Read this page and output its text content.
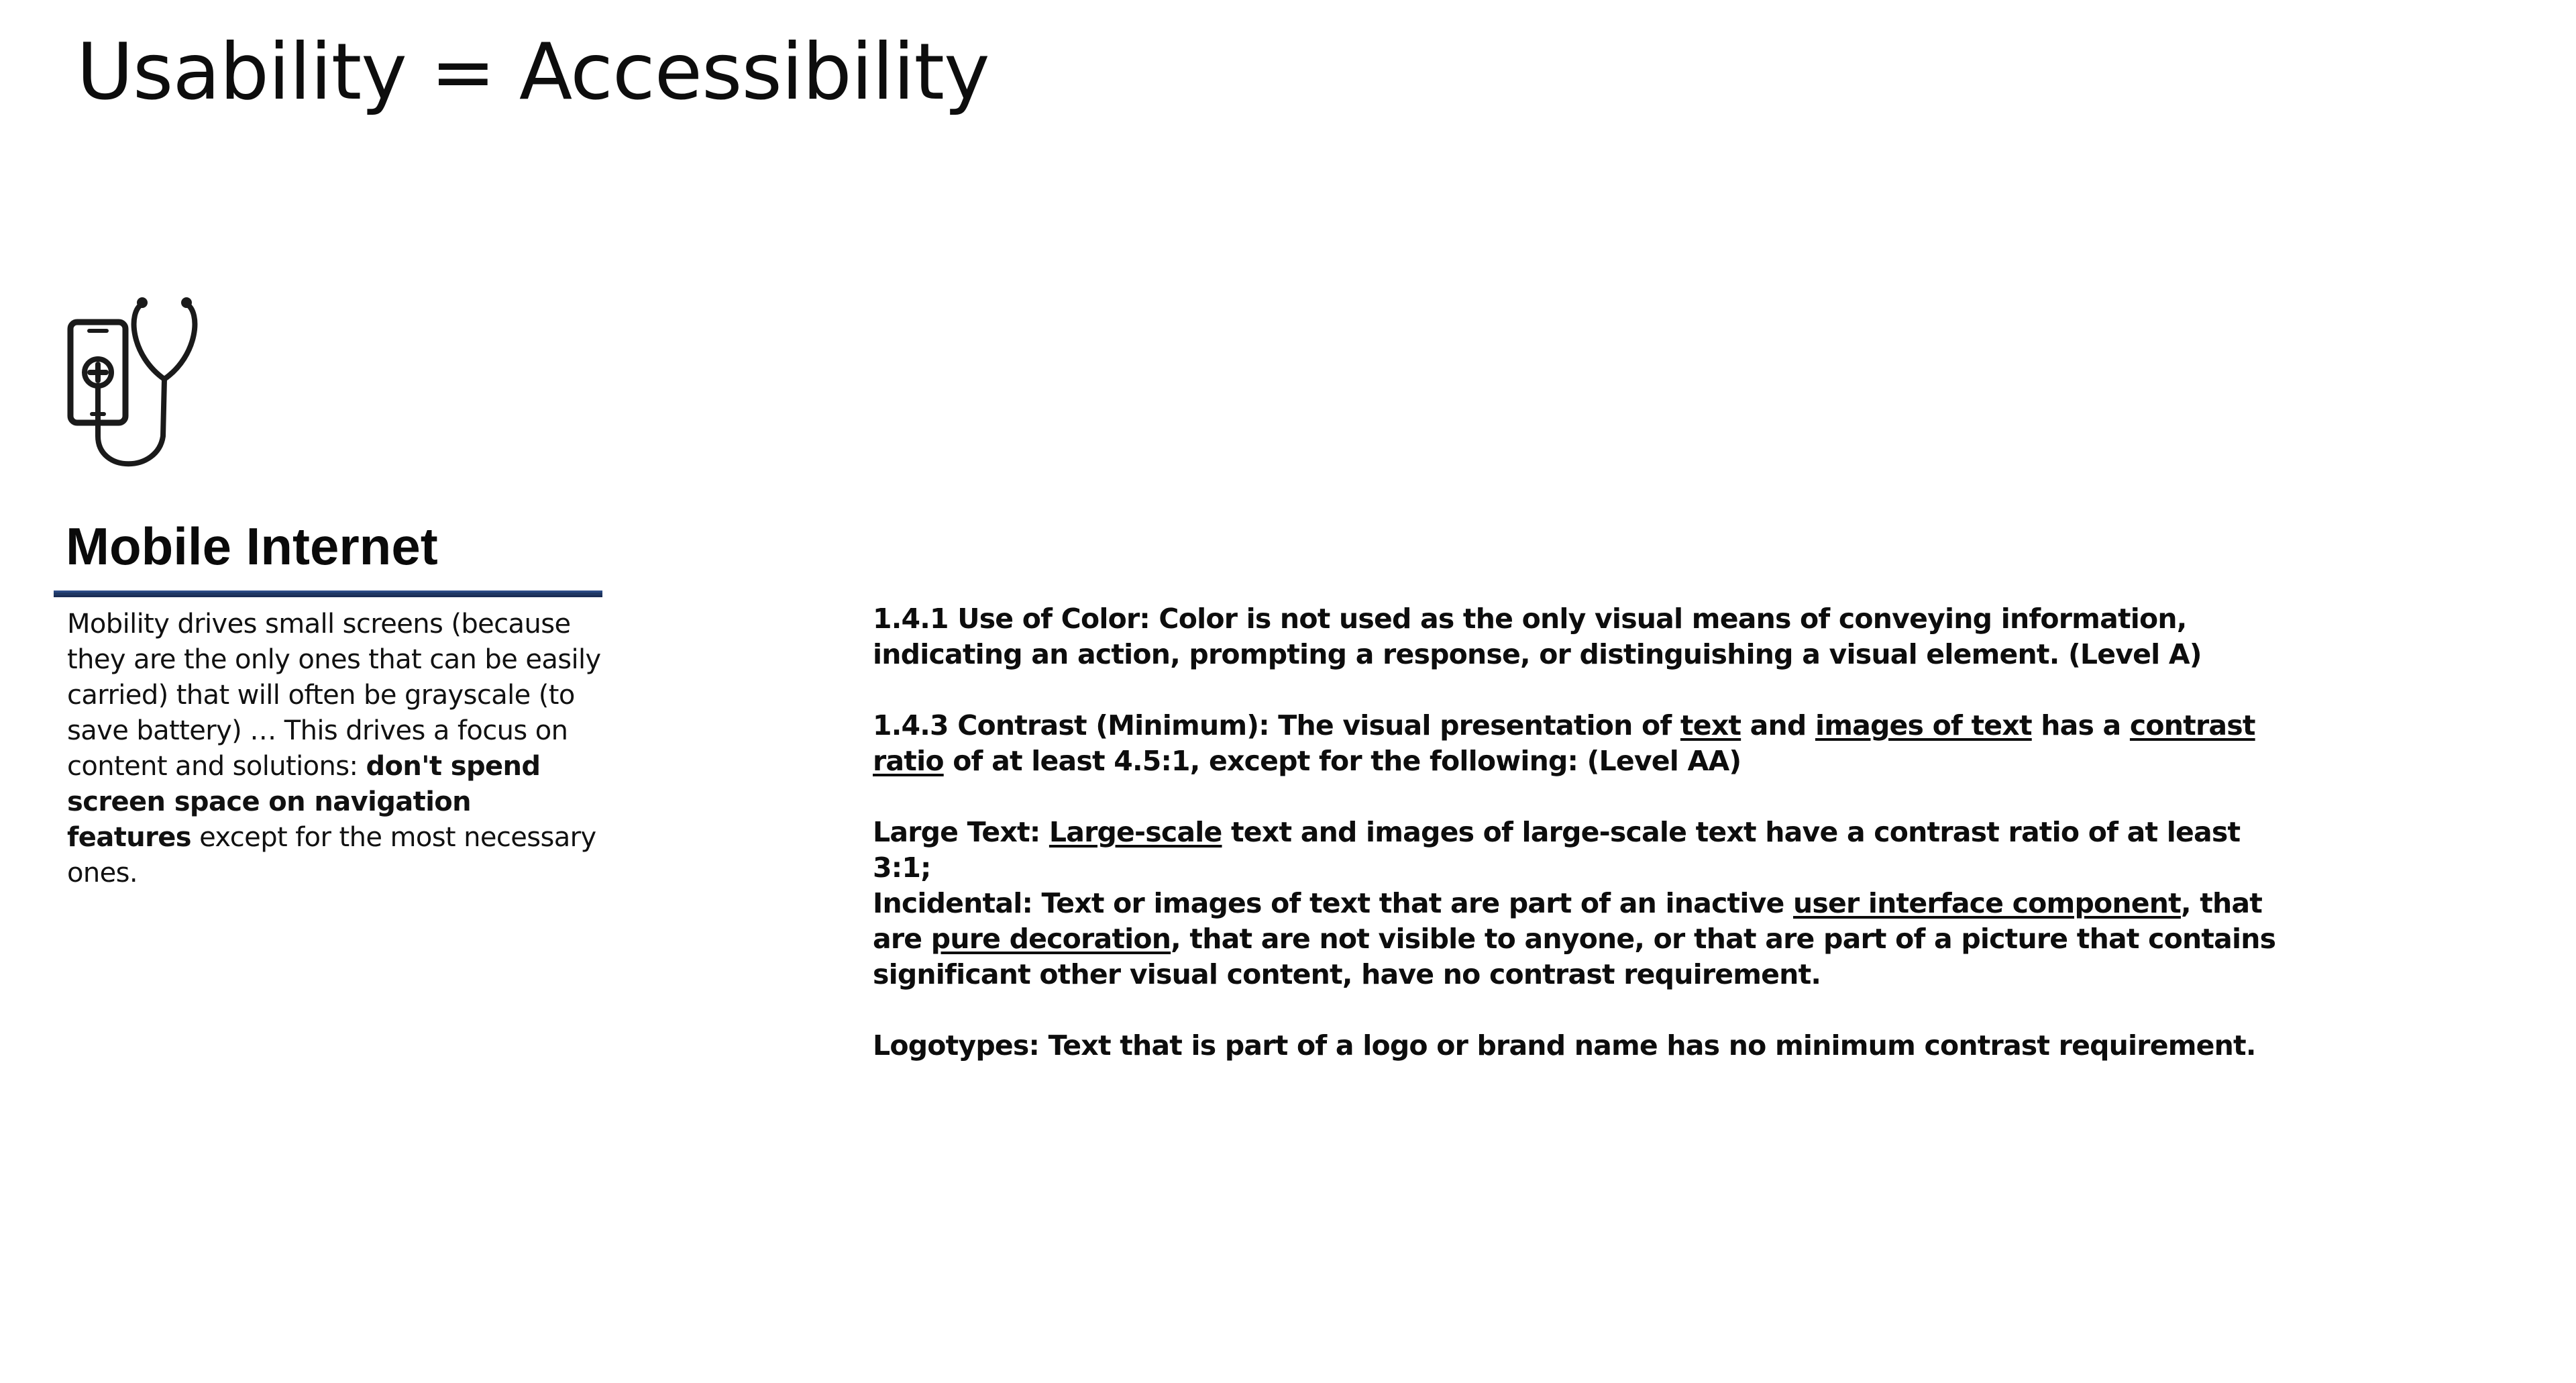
Usability = Accessibility
Mobile Internet
Mobility drives small screens (because they are the only ones that can be easily carried) that will often be grayscale (to save battery) … This drives a focus on content and solutions: don't spend screen space on navigation features except for the most necessary ones.

1.4.1 Use of Color: Color is not used as the only visual means of conveying information, indicating an action, prompting a response, or distinguishing a visual element. (Level A)

1.4.3 Contrast (Minimum): The visual presentation of text and images of text has a contrast ratio of at least 4.5:1, except for the following: (Level AA)

Large Text: Large-scale text and images of large-scale text have a contrast ratio of at least 3:1;

Incidental: Text or images of text that are part of an inactive user interface component, that are pure decoration, that are not visible to anyone, or that are part of a picture that contains significant other visual content, have no contrast requirement.

Logotypes: Text that is part of a logo or brand name has no minimum contrast requirement.
